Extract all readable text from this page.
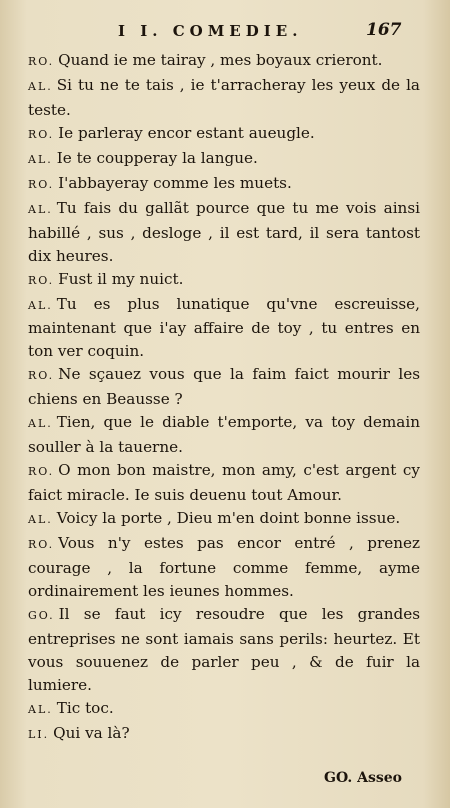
I I. COMEDIE.	167

RO. Quand ie me tairay , mes boyaux crieront.

AL. Si tu ne te tais , ie t'arracheray les yeux de la teste.

RO. Ie parleray encor estant aueugle.

AL. Ie te coupperay la langue.

RO. I'abbayeray comme les muets.

AL. Tu fais du gallãt pource que tu me vois ainsi habillé , sus , desloge , il est tard, il sera tantost dix heures.

RO. Fust il my nuict.

AL. Tu es plus lunatique qu'vne escreuisse, maintenant que i'ay affaire de toy , tu entres en ton ver coquin.

RO. Ne sçauez vous que la faim faict mourir les chiens en Beausse ?

AL. Tien, que le diable t'emporte, va toy demain souller à la tauerne.

RO. O mon bon maistre, mon amy, c'est argent cy faict miracle. Ie suis deuenu tout Amour.

AL. Voicy la porte , Dieu m'en doint bonne issue.

RO. Vous n'y estes pas encor entré , prenez courage , la fortune comme femme, ayme ordinairement les ieunes hommes.

GO. Il se faut icy resoudre que les grandes entreprises ne sont iamais sans perils: heurtez. Et vous souuenez de parler peu , & de fuir la lumiere.

AL. Tic toc.

LI. Qui va là?

GO. Asseo
